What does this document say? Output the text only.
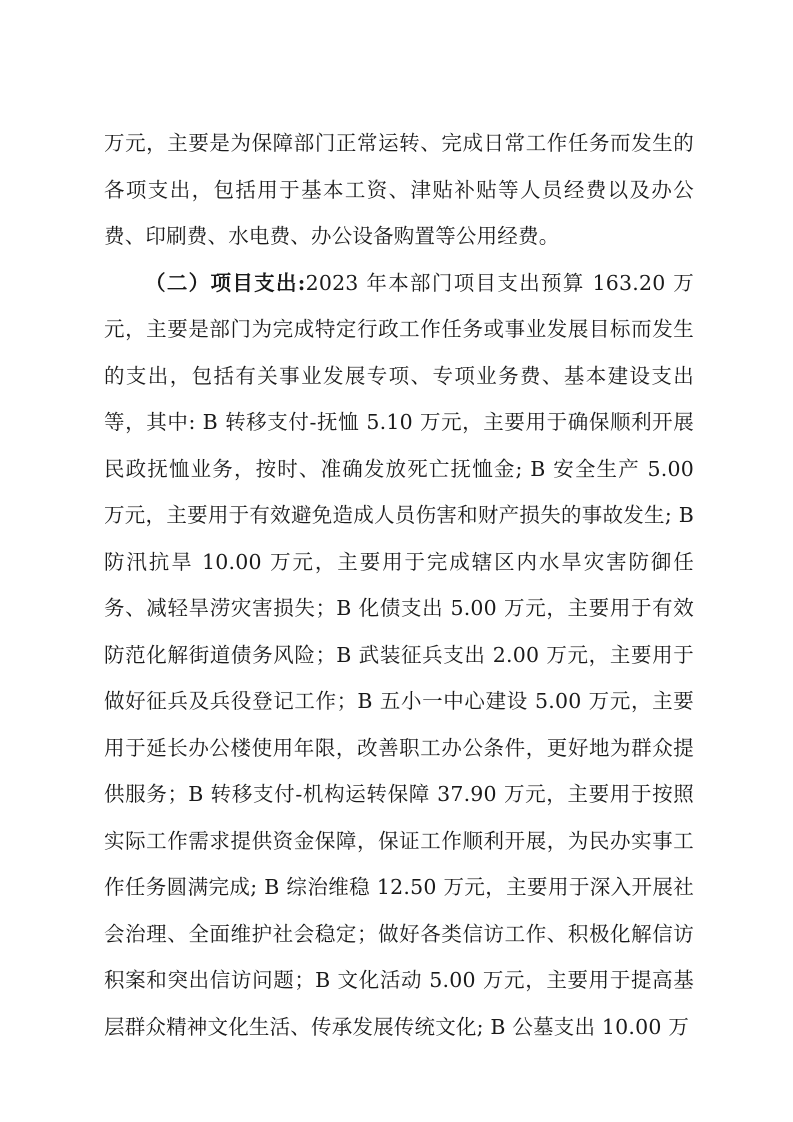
万元，主要是为保障部门正常运转、完成日常工作任务而发生的各项支出，包括用于基本工资、津贴补贴等人员经费以及办公费、印刷费、水电费、办公设备购置等公用经费。

（二）项目支出:2023 年本部门项目支出预算 163.20 万元，主要是部门为完成特定行政工作任务或事业发展目标而发生的支出，包括有关事业发展专项、专项业务费、基本建设支出等，其中: B 转移支付-抚恤 5.10 万元，主要用于确保顺利开展民政抚恤业务，按时、准确发放死亡抚恤金; B 安全生产 5.00 万元，主要用于有效避免造成人员伤害和财产损失的事故发生; B 防汛抗旱 10.00 万元，主要用于完成辖区内水旱灾害防御任务、减轻旱涝灾害损失；B 化债支出 5.00 万元，主要用于有效防范化解街道债务风险；B 武装征兵支出 2.00 万元，主要用于做好征兵及兵役登记工作；B 五小一中心建设 5.00 万元，主要用于延长办公楼使用年限，改善职工办公条件，更好地为群众提供服务；B 转移支付-机构运转保障 37.90 万元，主要用于按照实际工作需求提供资金保障，保证工作顺利开展，为民办实事工作任务圆满完成; B 综治维稳 12.50 万元，主要用于深入开展社会治理、全面维护社会稳定；做好各类信访工作、积极化解信访积案和突出信访问题；B 文化活动 5.00 万元，主要用于提高基层群众精神文化生活、传承发展传统文化; B 公墓支出 10.00 万
